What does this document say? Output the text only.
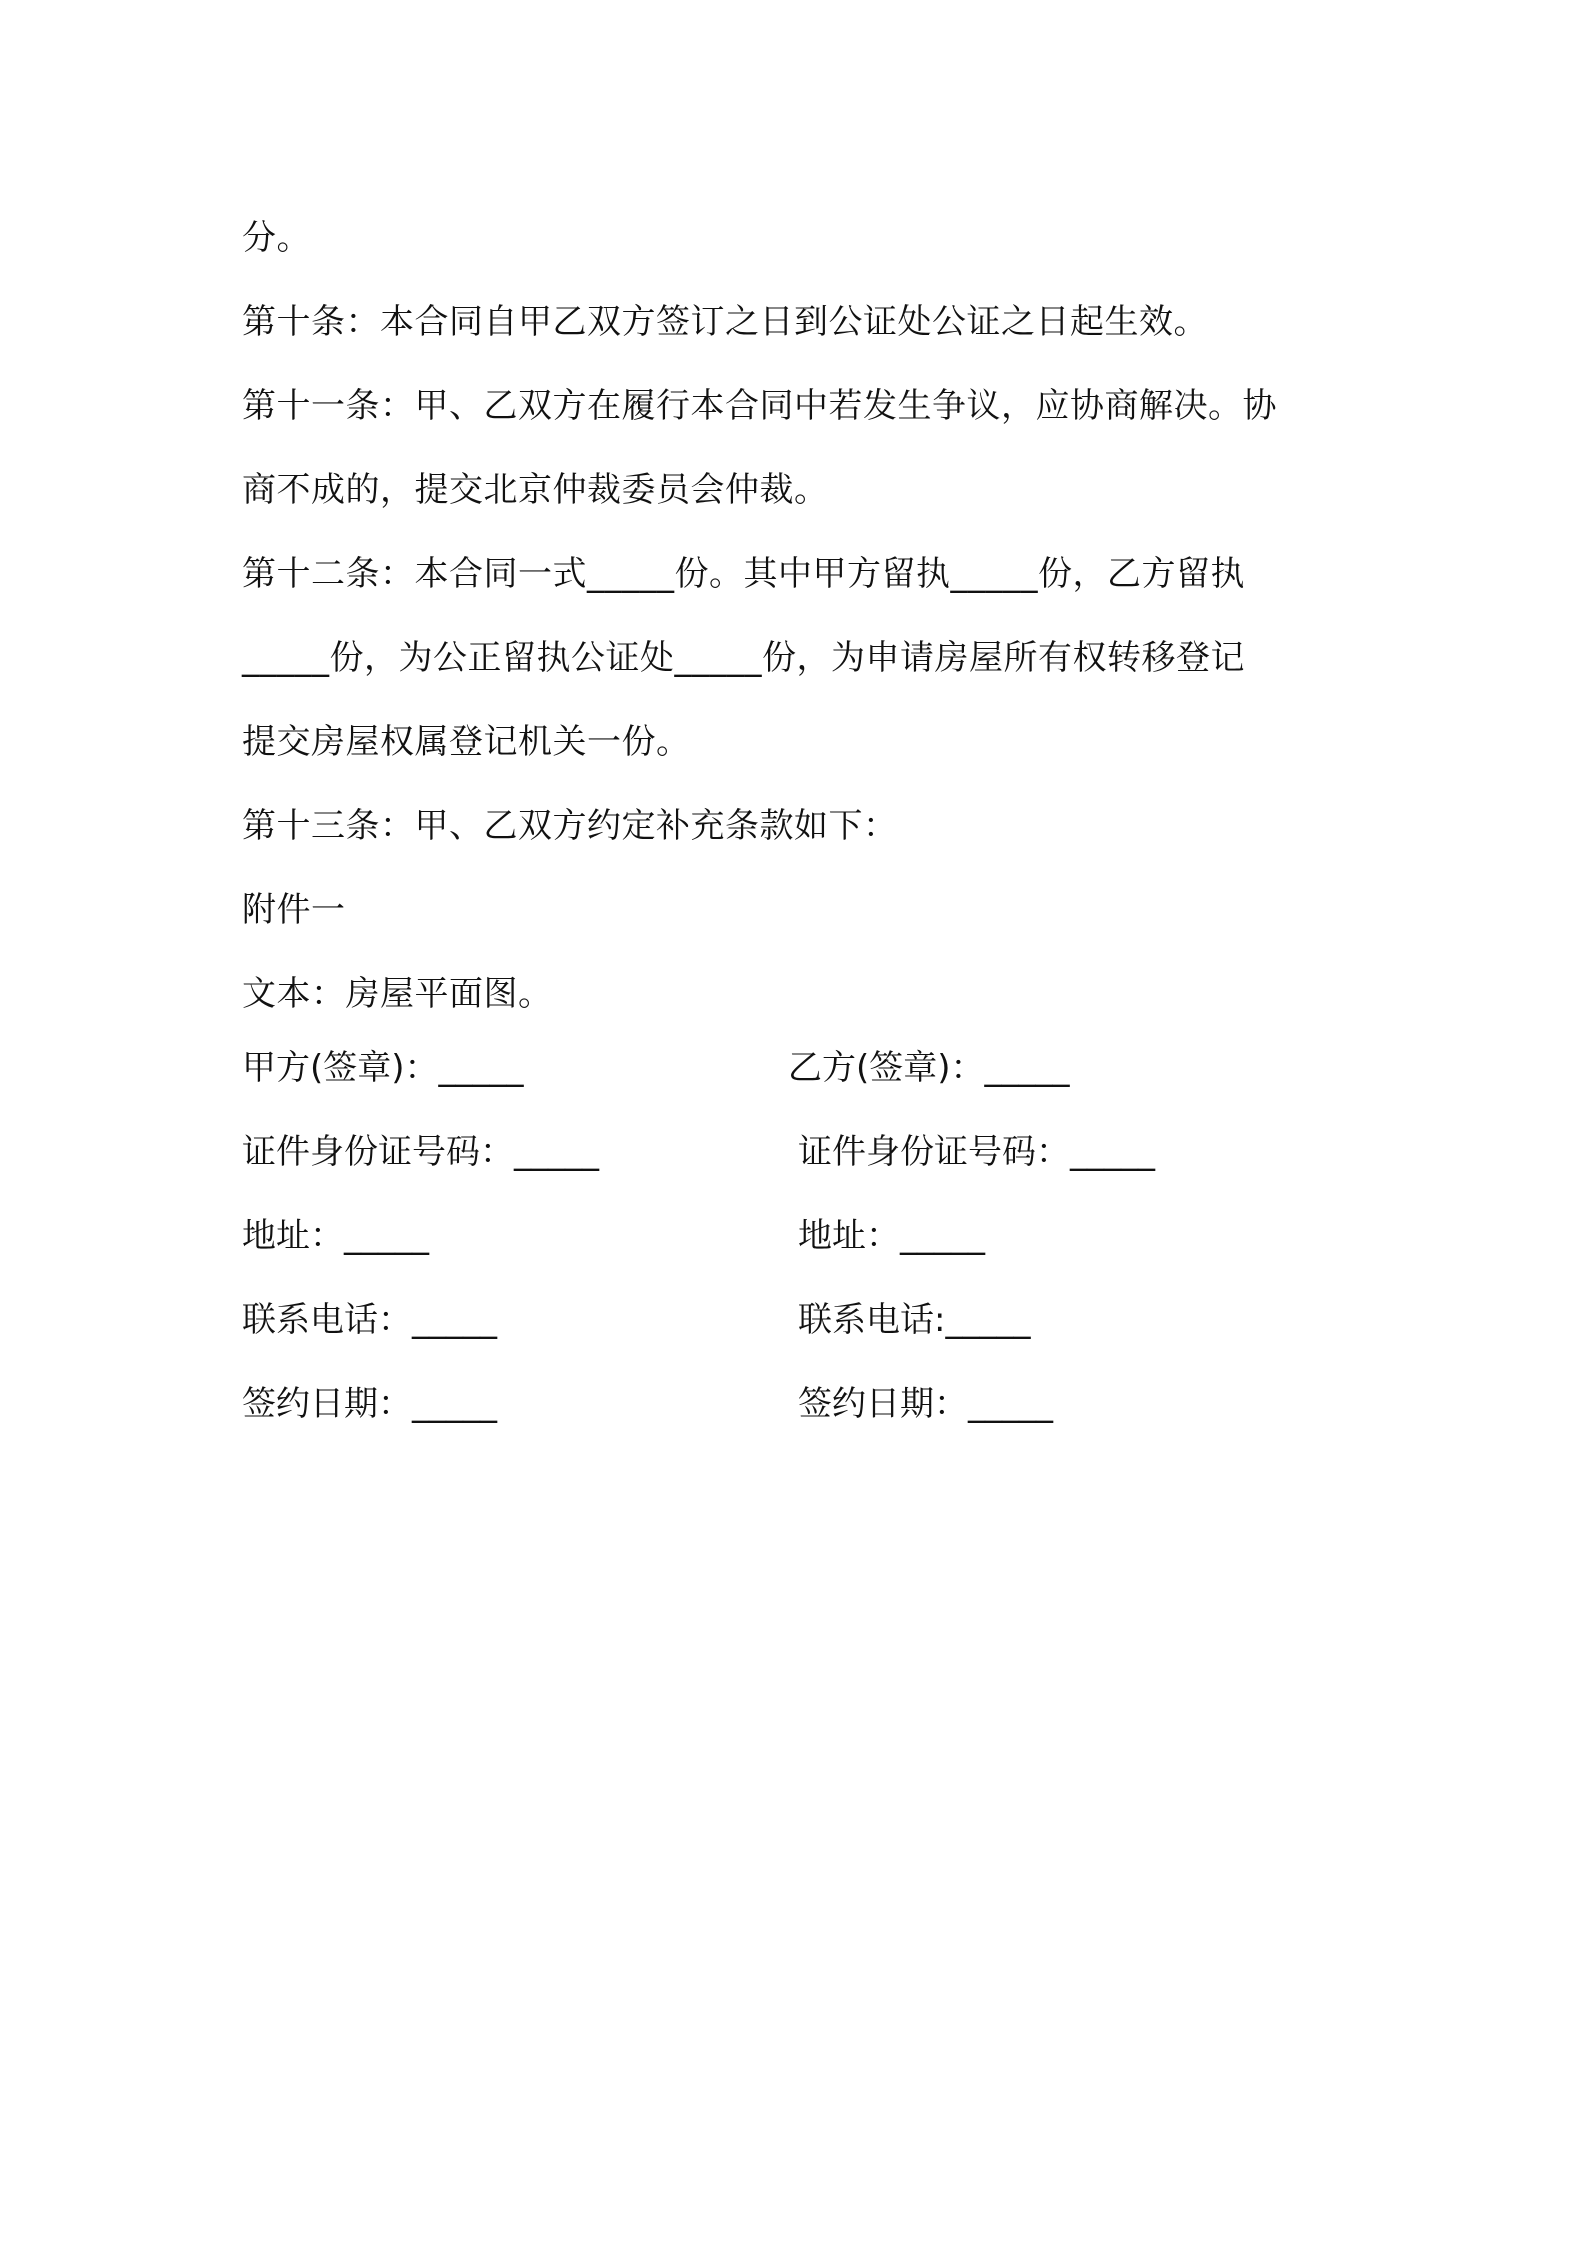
分。
第十条：本合同自甲乙双方签订之日到公证处公证之日起生效。
第十一条：甲、乙双方在履行本合同中若发生争议，应协商解决。协
商不成的，提交北京仲裁委员会仲裁。
第十二条：本合同一式_____份。其中甲方留执_____份，乙方留执
_____份，为公正留执公证处_____份，为申请房屋所有权转移登记
提交房屋权属登记机关一份。
第十三条：甲、乙双方约定补充条款如下：
附件一
文本：房屋平面图。
甲方(签章)：_____	乙方(签章)：_____
证件身份证号码：_____	证件身份证号码：_____
地址：_____	地址：_____
联系电话：_____	联系电话:_____
签约日期：_____	签约日期：_____
